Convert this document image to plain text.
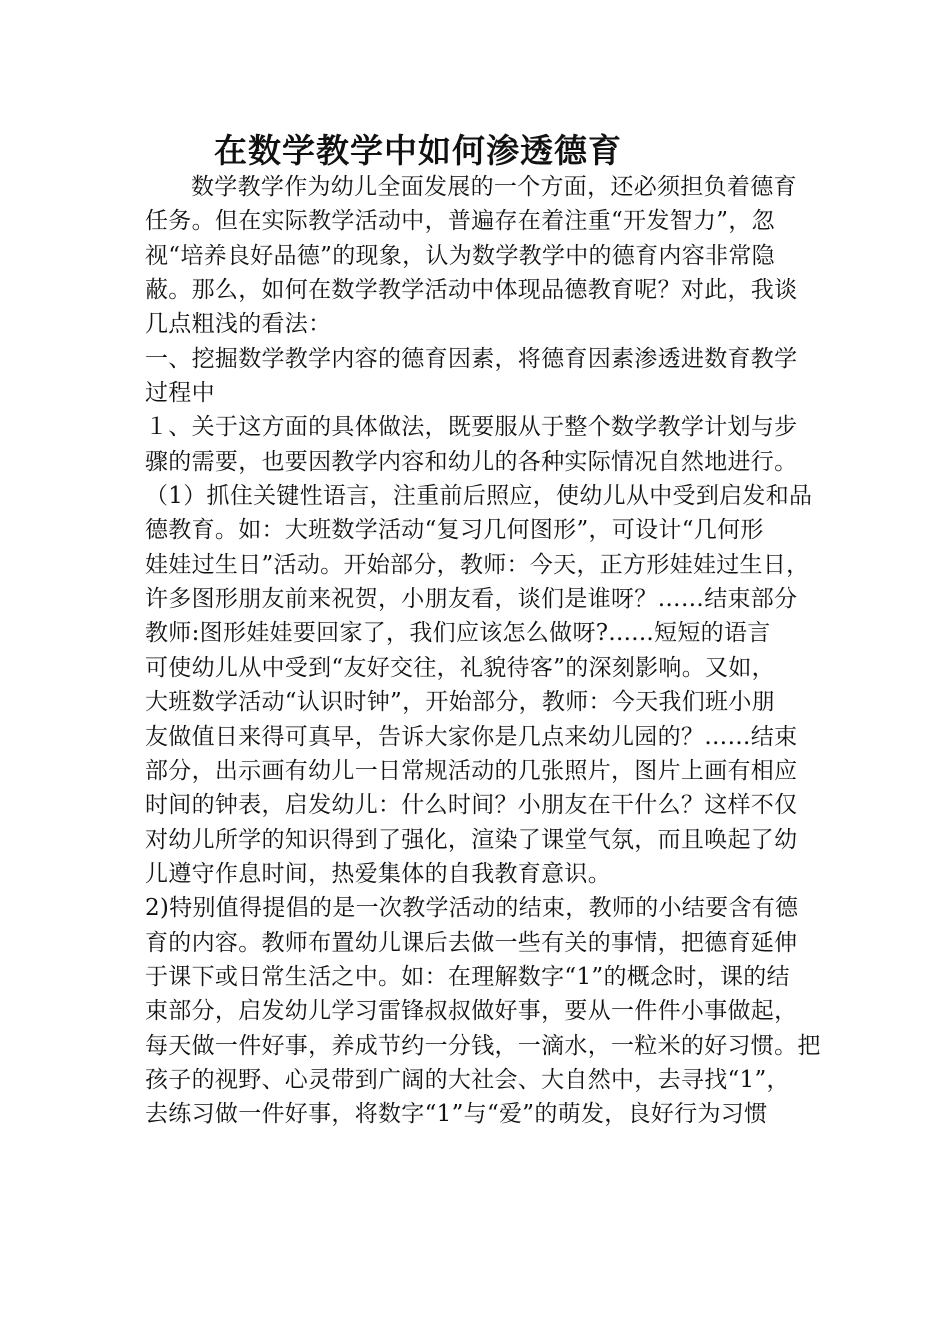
在数学教学中如何渗透德育
数学教学作为幼儿全面发展的一个方面，还必须担负着德育
任务。但在实际教学活动中，普遍存在着注重“开发智力”，忽
视“培养良好品德”的现象，认为数学教学中的德育内容非常隐
蔽。那么，如何在数学教学活动中体现品德教育呢？对此，我谈
几点粗浅的看法：
一、挖掘数学教学内容的德育因素，将德育因素渗透进数育教学
过程中
１、关于这方面的具体做法，既要服从于整个数学教学计划与步
骤的需要，也要因教学内容和幼儿的各种实际情况自然地进行。
（1）抓住关键性语言，注重前后照应，使幼儿从中受到启发和品
德教育。如：大班数学活动“复习几何图形”，可设计“几何形
娃娃过生日”活动。开始部分，教师：今天，正方形娃娃过生日，
许多图形朋友前来祝贺，小朋友看，谈们是谁呀？……结束部分
教师:图形娃娃要回家了，我们应该怎么做呀?......短短的语言
可使幼儿从中受到“友好交往，礼貌待客”的深刻影响。又如，
大班数学活动“认识时钟”，开始部分，教师：今天我们班小朋
友做值日来得可真早，告诉大家你是几点来幼儿园的？……结束
部分，出示画有幼儿一日常规活动的几张照片，图片上画有相应
时间的钟表，启发幼儿：什么时间？小朋友在干什么？这样不仅
对幼儿所学的知识得到了强化，渲染了课堂气氛，而且唤起了幼
儿遵守作息时间，热爱集体的自我教育意识。
2)特别值得提倡的是一次教学活动的结束，教师的小结要含有德
育的内容。教师布置幼儿课后去做一些有关的事情，把德育延伸
于课下或日常生活之中。如：在理解数字“1”的概念时，课的结
束部分，启发幼儿学习雷锋叔叔做好事，要从一件件小事做起，
每天做一件好事，养成节约一分钱，一滴水，一粒米的好习惯。把
孩子的视野、心灵带到广阔的大社会、大自然中，去寻找“1”，
去练习做一件好事，将数字“1”与“爱”的萌发，良好行为习惯
